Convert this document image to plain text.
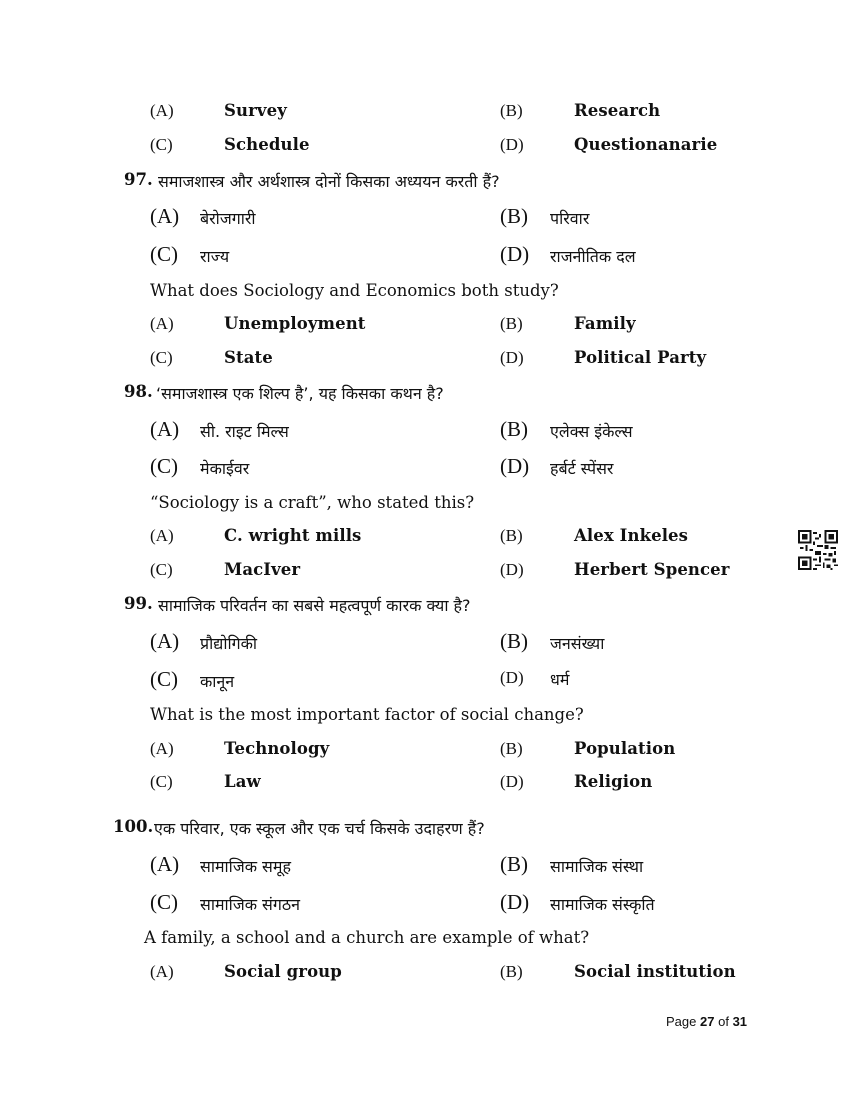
(A)	Survey	(B)	Research
(C)	Schedule	(D)	Questionanarie
97. समाजशास्त्र और अर्थशास्त्र दोनों किसका अध्ययन करती हैं?
(A) बेरोजगारी	(B) परिवार
(C) राज्य	(D) राजनीतिक दल
What does Sociology and Economics both study?
(A)	Unemployment	(B)	Family
(C)	State	(D)	Political Party
98. ‘समाजशास्त्र एक शिल्प है’, यह किसका कथन है?
(A) सी. राइट मिल्स	(B) एलेक्स इंकेल्स
(C) मेकाईवर	(D) हर्बर्ट स्पेंसर
“Sociology is a craft”, who stated this?
(A)	C. wright mills	(B)	Alex Inkeles
(C)	MacIver	(D)	Herbert Spencer
99. सामाजिक परिवर्तन का सबसे महत्वपूर्ण कारक क्या है?
(A) प्रौद्योगिकी	(B) जनसंख्या
(C) कानून	(D) धर्म
What is the most important factor of social change?
(A)	Technology	(B)	Population
(C)	Law	(D)	Religion
100. एक परिवार, एक स्कूल और एक चर्च किसके उदाहरण हैं?
(A) सामाजिक समूह	(B) सामाजिक संस्था
(C) सामाजिक संगठन	(D) सामाजिक संस्कृति
A family, a school and a church are example of what?
(A)	Social group	(B)	Social institution
Page 27 of 31
